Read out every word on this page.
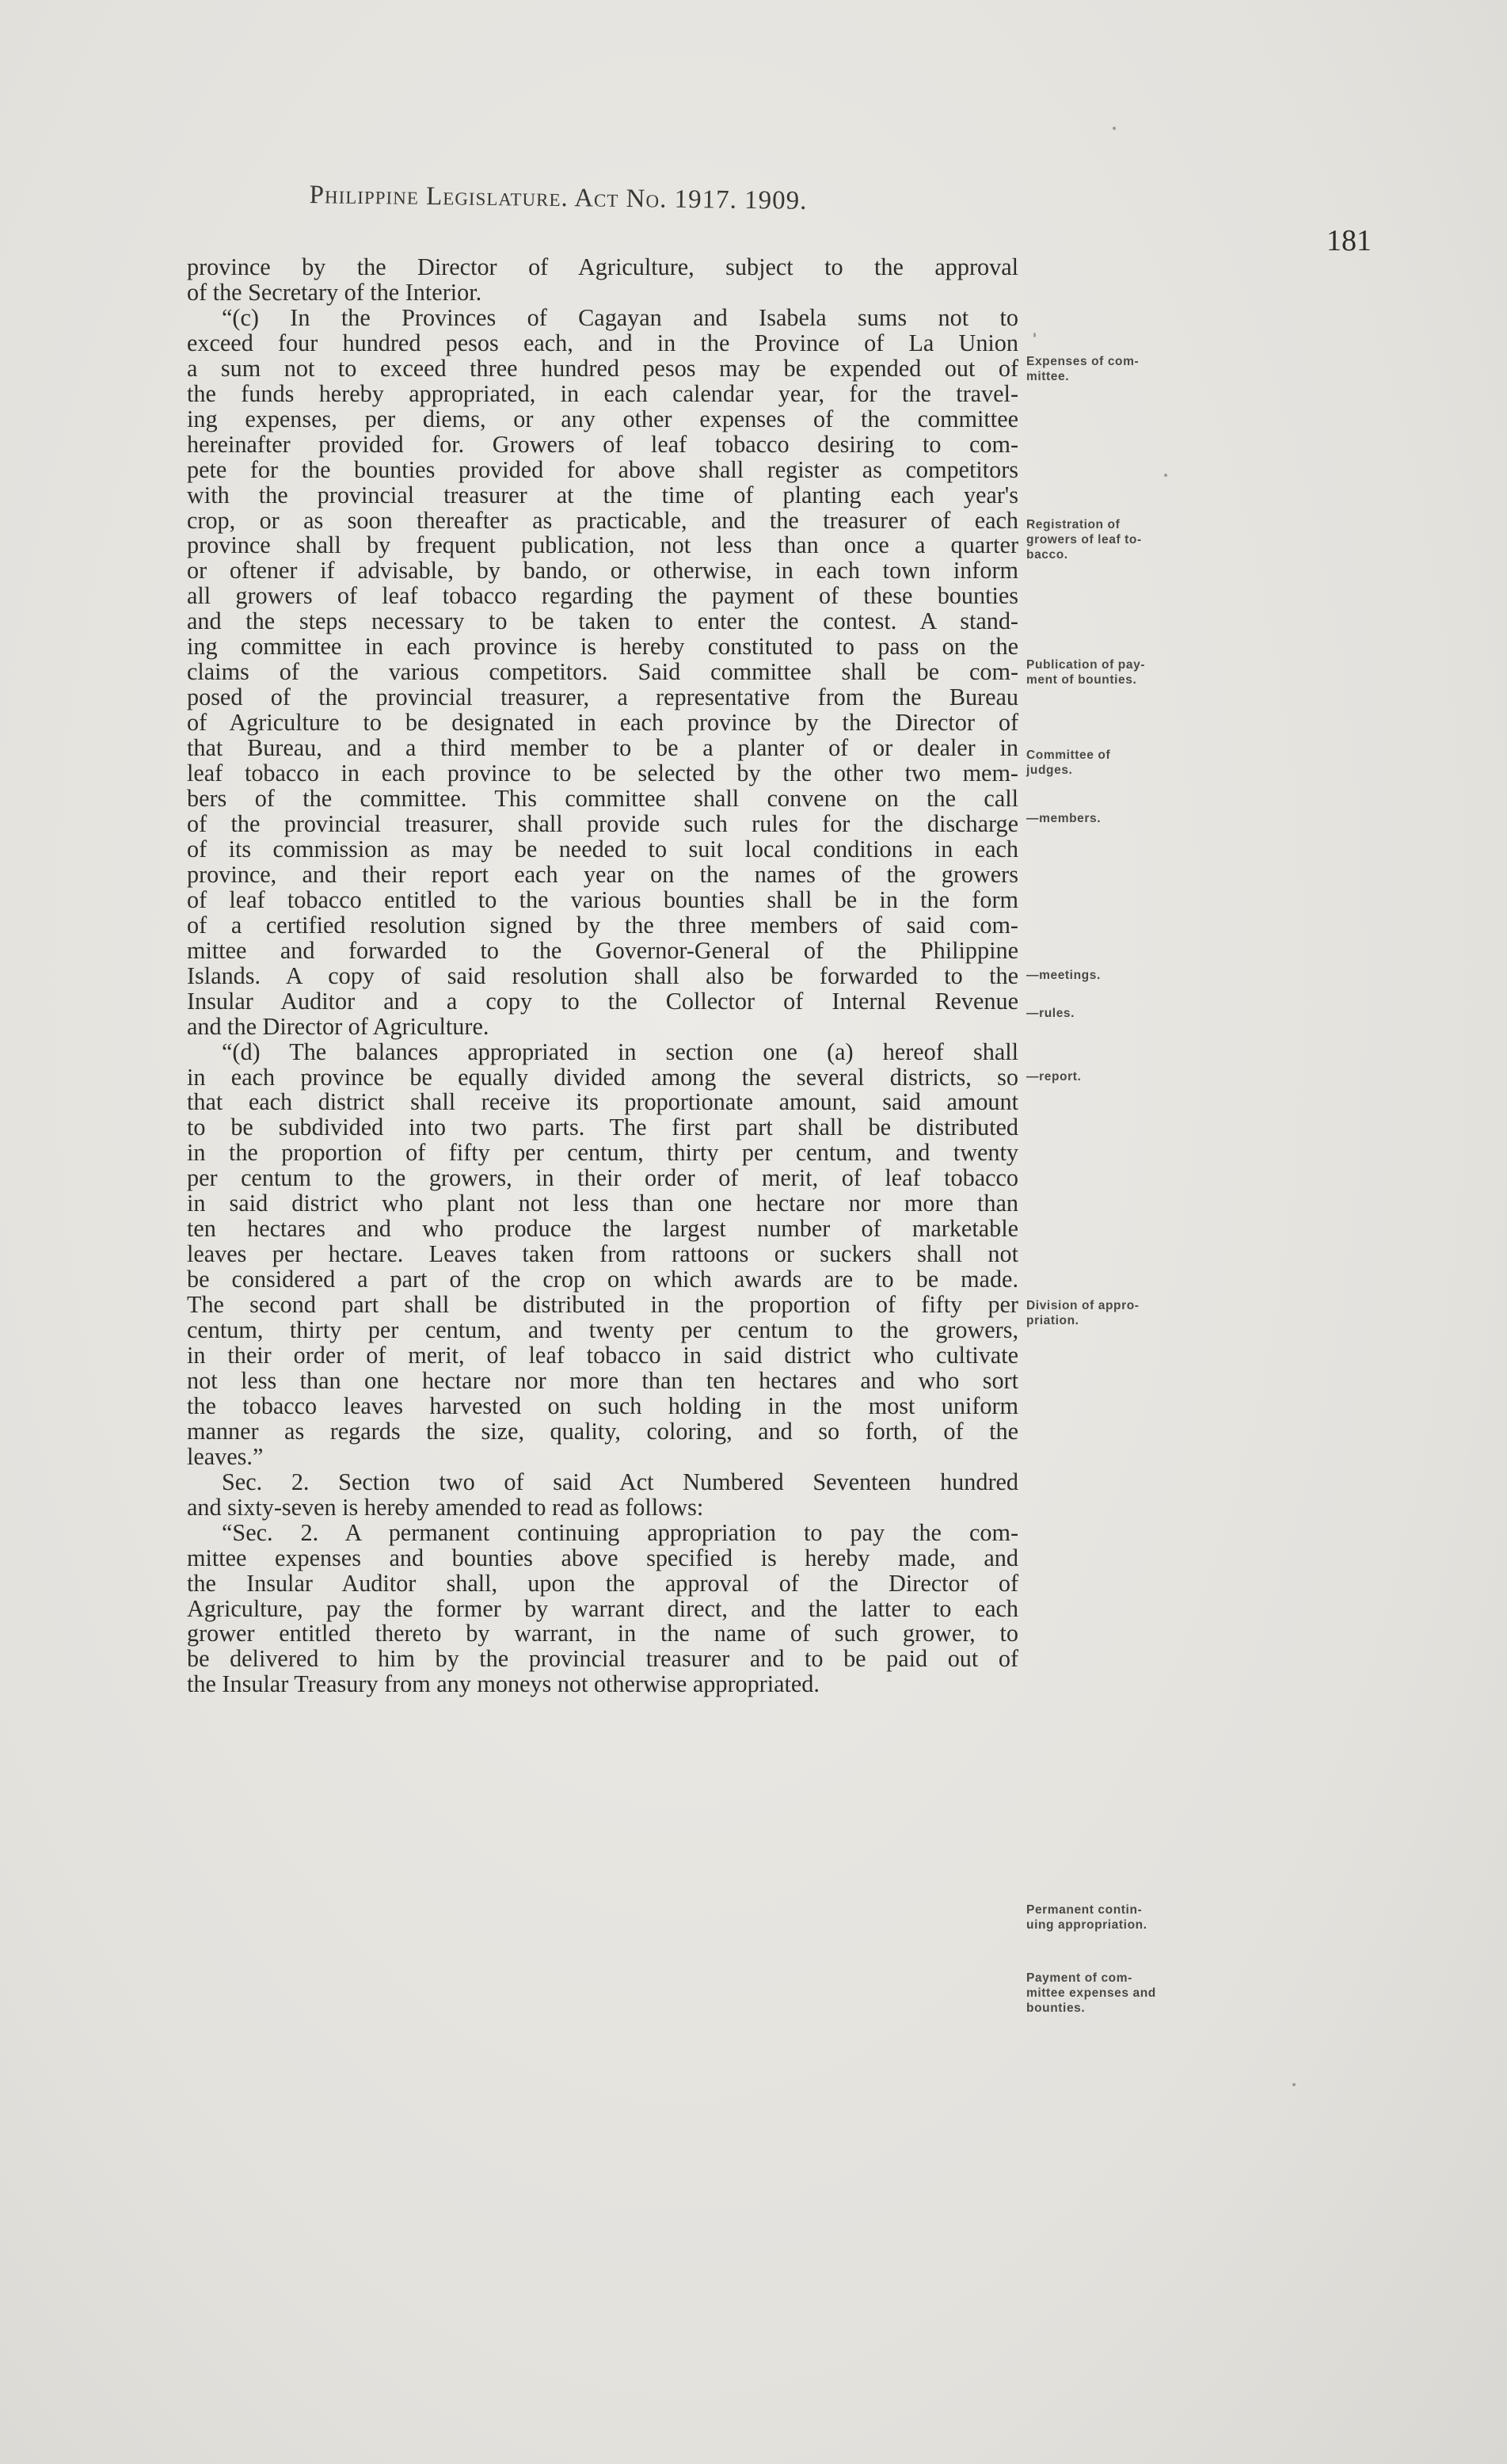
Philippine Legislature. Act No. 1917. 1909.
181
province by the Director of Agriculture, subject to the approval
of the Secretary of the Interior.
“(c) In the Provinces of Cagayan and Isabela sums not to
exceed four hundred pesos each, and in the Province of La Union
a sum not to exceed three hundred pesos may be expended out of
the funds hereby appropriated, in each calendar year, for the travel-
ing expenses, per diems, or any other expenses of the committee
hereinafter provided for. Growers of leaf tobacco desiring to com-
pete for the bounties provided for above shall register as competitors
with the provincial treasurer at the time of planting each year's
crop, or as soon thereafter as practicable, and the treasurer of each
province shall by frequent publication, not less than once a quarter
or oftener if advisable, by bando, or otherwise, in each town inform
all growers of leaf tobacco regarding the payment of these bounties
and the steps necessary to be taken to enter the contest. A stand-
ing committee in each province is hereby constituted to pass on the
claims of the various competitors. Said committee shall be com-
posed of the provincial treasurer, a representative from the Bureau
of Agriculture to be designated in each province by the Director of
that Bureau, and a third member to be a planter of or dealer in
leaf tobacco in each province to be selected by the other two mem-
bers of the committee. This committee shall convene on the call
of the provincial treasurer, shall provide such rules for the discharge
of its commission as may be needed to suit local conditions in each
province, and their report each year on the names of the growers
of leaf tobacco entitled to the various bounties shall be in the form
of a certified resolution signed by the three members of said com-
mittee and forwarded to the Governor-General of the Philippine
Islands. A copy of said resolution shall also be forwarded to the
Insular Auditor and a copy to the Collector of Internal Revenue
and the Director of Agriculture.
“(d) The balances appropriated in section one (a) hereof shall
in each province be equally divided among the several districts, so
that each district shall receive its proportionate amount, said amount
to be subdivided into two parts. The first part shall be distributed
in the proportion of fifty per centum, thirty per centum, and twenty
per centum to the growers, in their order of merit, of leaf tobacco
in said district who plant not less than one hectare nor more than
ten hectares and who produce the largest number of marketable
leaves per hectare. Leaves taken from rattoons or suckers shall not
be considered a part of the crop on which awards are to be made.
The second part shall be distributed in the proportion of fifty per
centum, thirty per centum, and twenty per centum to the growers,
in their order of merit, of leaf tobacco in said district who cultivate
not less than one hectare nor more than ten hectares and who sort
the tobacco leaves harvested on such holding in the most uniform
manner as regards the size, quality, coloring, and so forth, of the
leaves.”
Sec. 2. Section two of said Act Numbered Seventeen hundred
and sixty-seven is hereby amended to read as follows:
“Sec. 2. A permanent continuing appropriation to pay the com-
mittee expenses and bounties above specified is hereby made, and
the Insular Auditor shall, upon the approval of the Director of
Agriculture, pay the former by warrant direct, and the latter to each
grower entitled thereto by warrant, in the name of such grower, to
be delivered to him by the provincial treasurer and to be paid out of
the Insular Treasury from any moneys not otherwise appropriated.
Expenses of com-
mittee.
Registration of
growers of leaf to-
bacco.
Publication of pay-
ment of bounties.
Committee of
judges.
—members.
—meetings.
—rules.
—report.
Division of appro-
priation.
Permanent contin-
uing appropriation.
Payment of com-
mittee expenses and
bounties.
